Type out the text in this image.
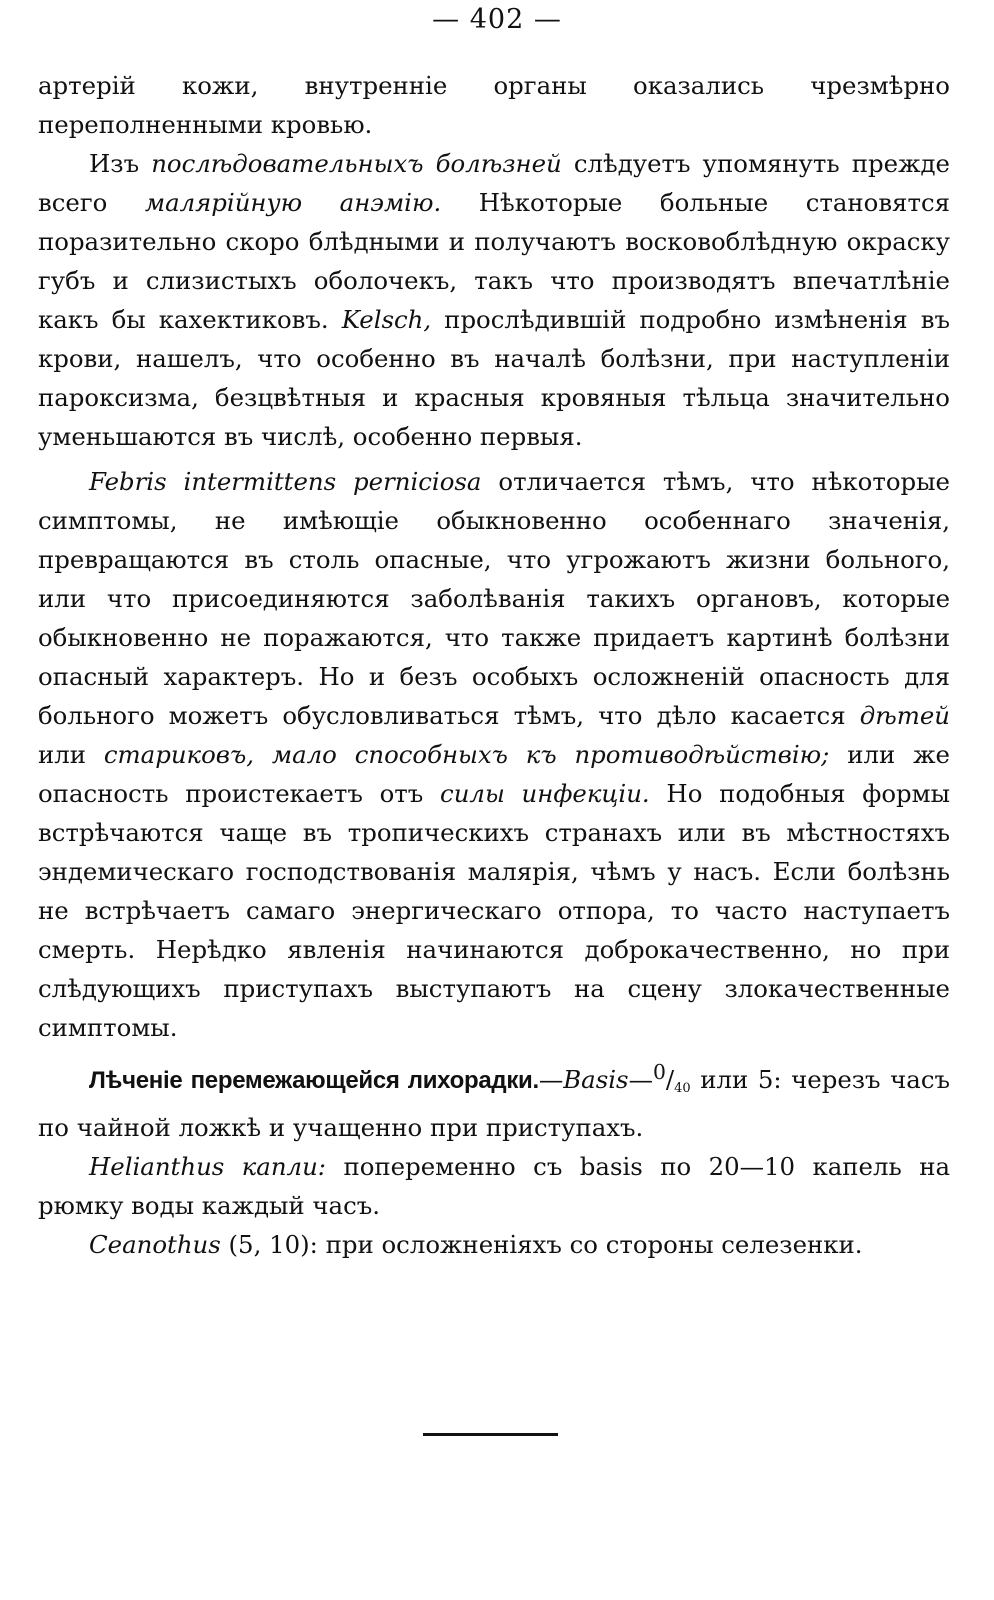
— 402 —

артерій кожи, внутренніе органы оказались чрезмѣрно переполненными кровью.

Изъ послѣдовательныхъ болѣзней слѣдуетъ упомянуть прежде всего малярійную анэмію. Нѣкоторые больные становятся поразительно скоро блѣдными и получаютъ восковоблѣдную окраску губъ и слизистыхъ оболочекъ, такъ что производятъ впечатлѣніе какъ бы кахектиковъ. Kelsch, прослѣдившій подробно измѣненія въ крови, нашелъ, что особенно въ началѣ болѣзни, при наступленіи пароксизма, безцвѣтныя и красныя кровяныя тѣльца значительно уменьшаются въ числѣ, особенно первыя.

Febris intermittens perniciosa отличается тѣмъ, что нѣкоторые симптомы, не имѣющіе обыкновенно особеннаго значенія, превращаются въ столь опасные, что угрожаютъ жизни больного, или что присоединяются заболѣванія такихъ органовъ, которые обыкновенно не поражаются, что также придаетъ картинѣ болѣзни опасный характеръ. Но и безъ особыхъ осложненій опасность для больного можетъ обусловливаться тѣмъ, что дѣло касается дѣтей или стариковъ, мало способныхъ къ противодѣйствію; или же опасность проистекаетъ отъ силы инфекціи. Но подобныя формы встрѣчаются чаще въ тропическихъ странахъ или въ мѣстностяхъ эндемическаго господствованія малярія, чѣмъ у насъ. Если болѣзнь не встрѣчаетъ самаго энергическаго отпора, то часто наступаетъ смерть. Нерѣдко явленія начинаются доброкачественно, но при слѣдующихъ приступахъ выступаютъ на сцену злокачественные симптомы.

Лѣченіе перемежающейся $лихорадки.—Basis—^0/_{40}$ или 5: черезъ часъ по чайной ложкѣ и учащенно при приступахъ.

Helianthus капли: попеременно съ basis по 20—10 капель на рюмку воды каждый часъ.

Ceanothus (5, 10): при осложненіяхъ со стороны селезенки.
